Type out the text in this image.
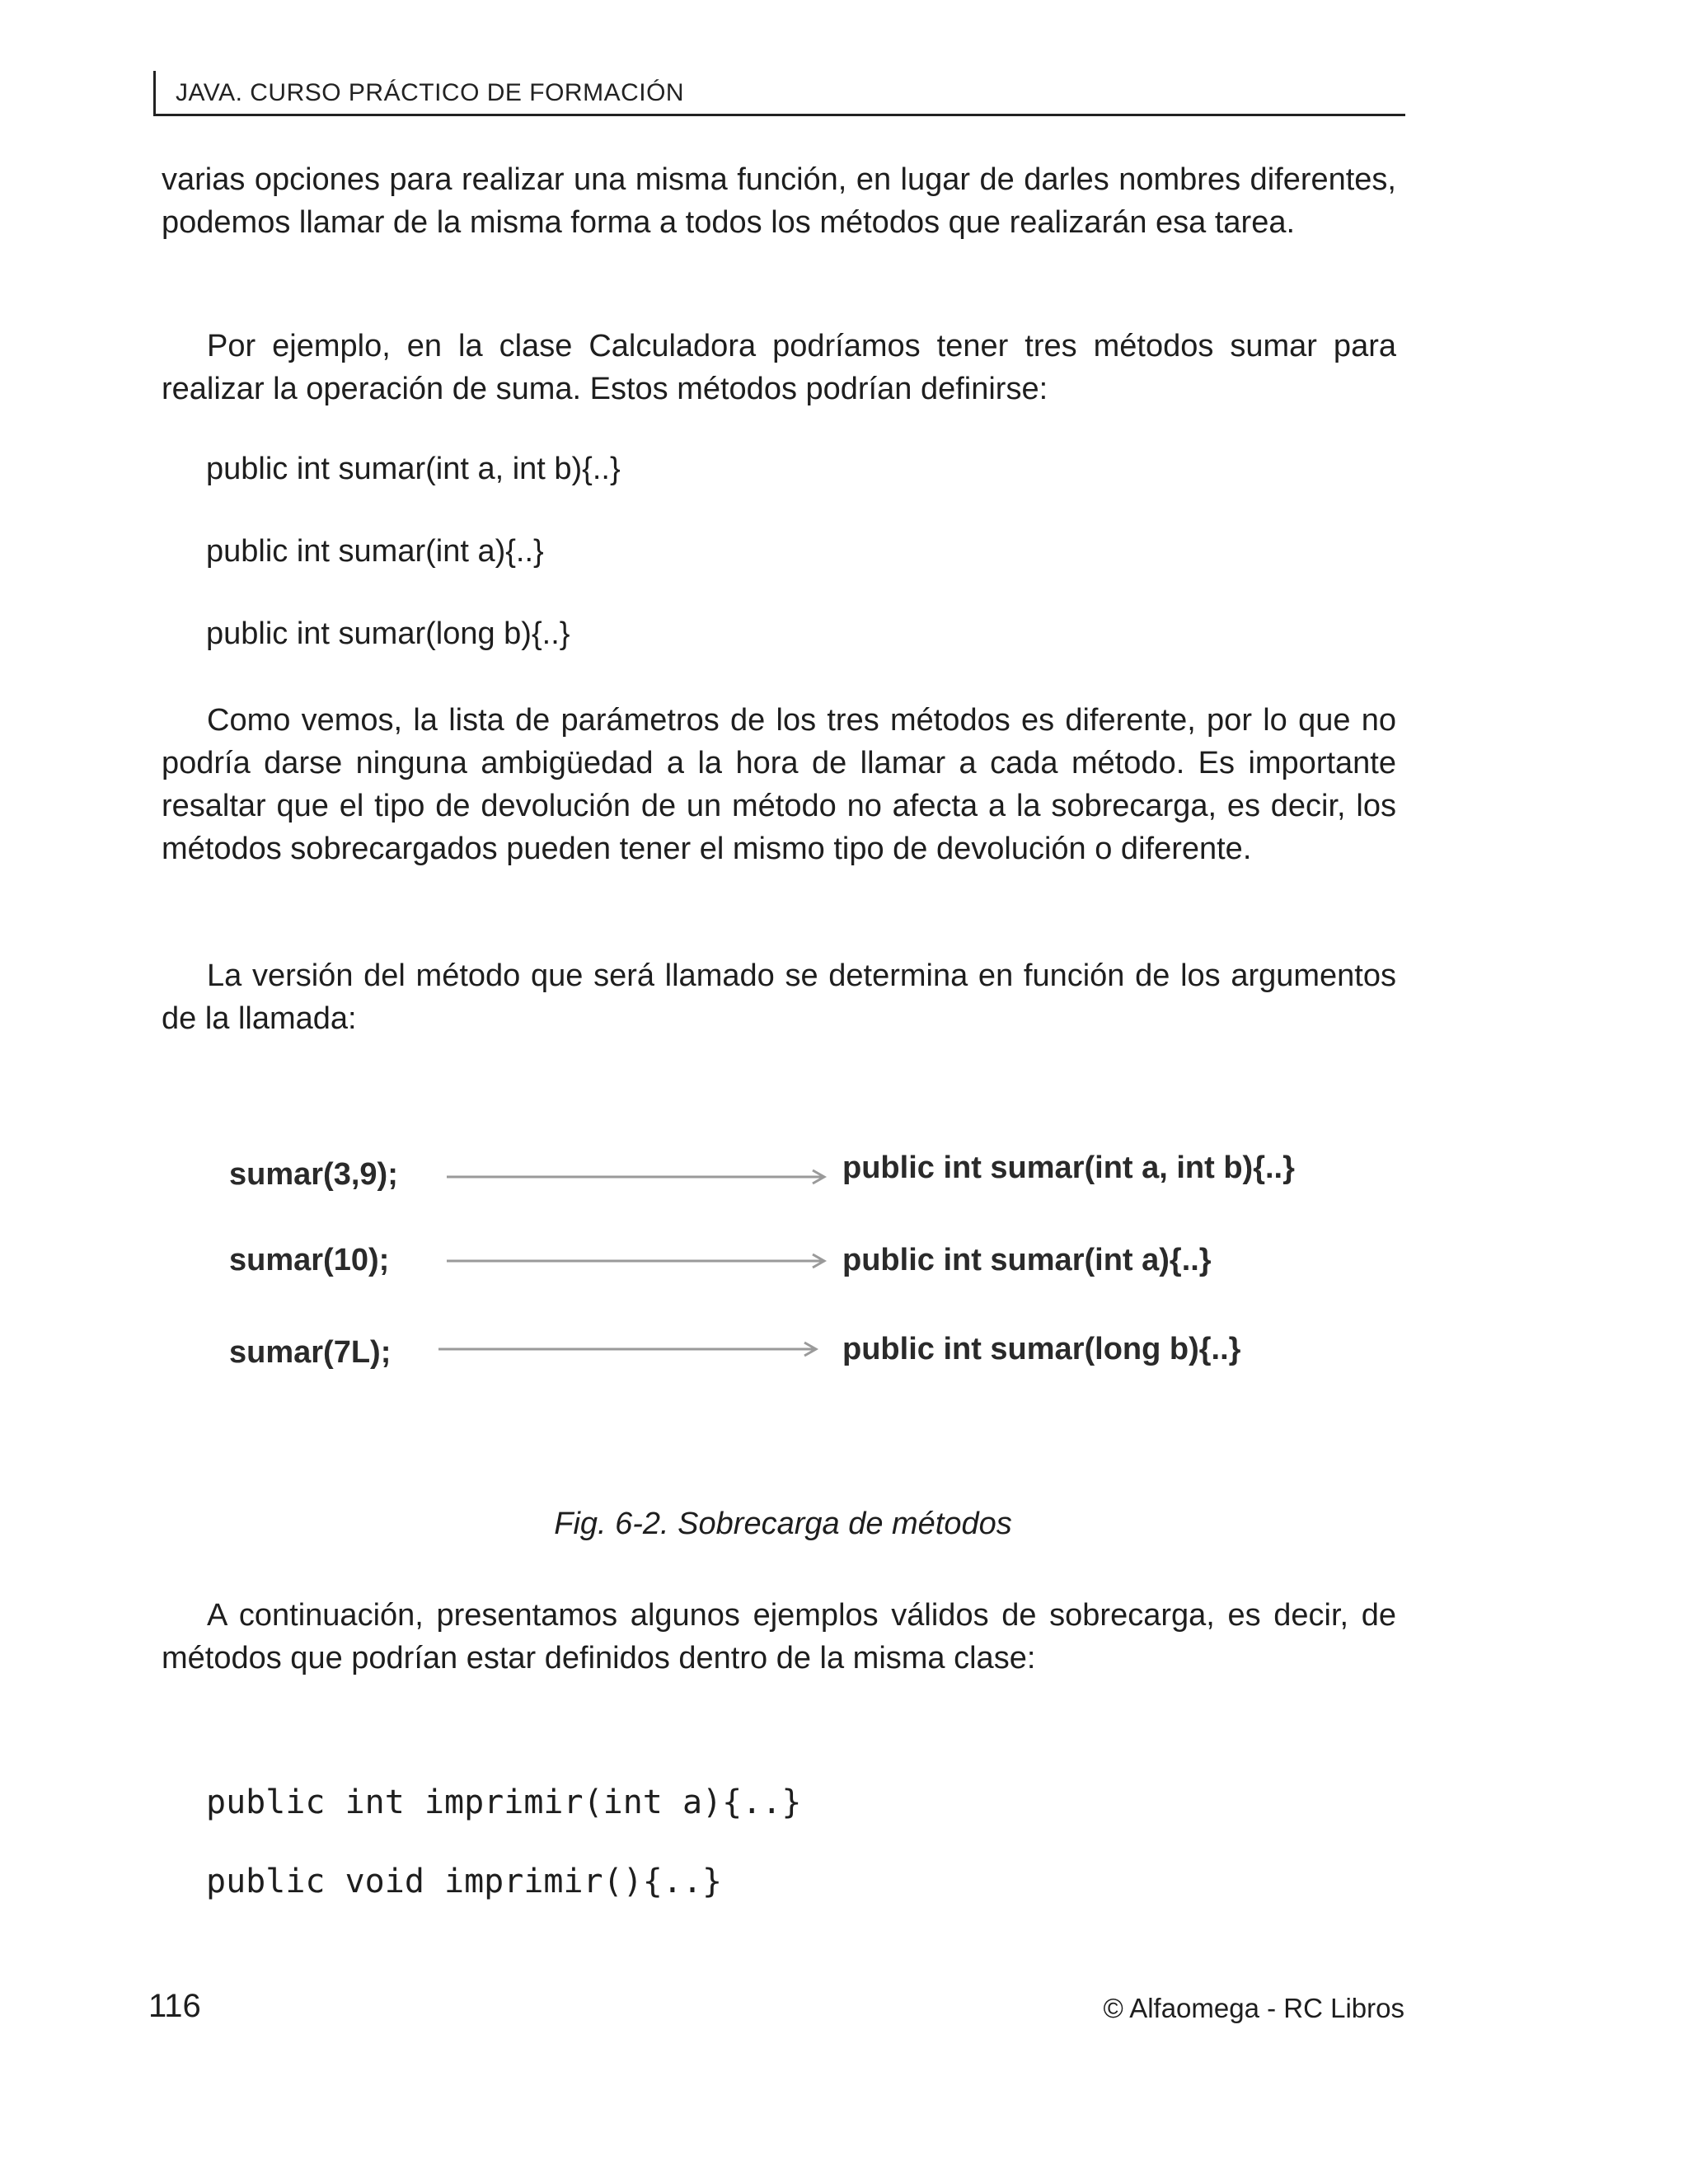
JAVA. CURSO PRÁCTICO DE FORMACIÓN
varias opciones para realizar una misma función, en lugar de darles nombres diferentes, podemos llamar de la misma forma a todos los métodos que realizarán esa tarea.
Por ejemplo, en la clase Calculadora podríamos tener tres métodos sumar para realizar la operación de suma. Estos métodos podrían definirse:
public int sumar(int a, int b){..}
public int sumar(int a){..}
public int sumar(long b){..}
Como vemos, la lista de parámetros de los tres métodos es diferente, por lo que no podría darse ninguna ambigüedad a la hora de llamar a cada método. Es importante resaltar que el tipo de devolución de un método no afecta a la sobrecarga, es decir, los métodos sobrecargados pueden tener el mismo tipo de devolución o diferente.
La versión del método que será llamado se determina en función de los argumentos de la llamada:
sumar(3,9);	public int sumar(int a, int b){..}
sumar(10);	public int sumar(int a){..}
sumar(7L);	public int sumar(long b){..}
Fig. 6-2. Sobrecarga de métodos
A continuación, presentamos algunos ejemplos válidos de sobrecarga, es decir, de métodos que podrían estar definidos dentro de la misma clase:
public int imprimir(int a){..}
public void imprimir(){..}
116	© Alfaomega - RC Libros
